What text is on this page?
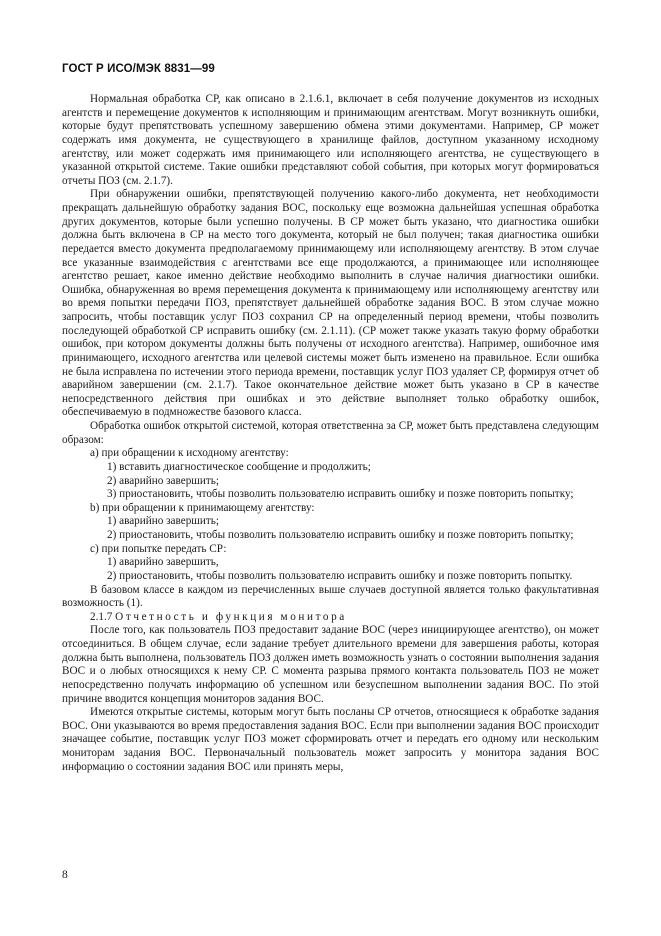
ГОСТ Р ИСО/МЭК 8831—99

Нормальная обработка СР, как описано в 2.1.6.1, включает в себя получение документов из исходных агентств и перемещение документов к исполняющим и принимающим агентствам. Могут возникнуть ошибки, которые будут препятствовать успешному завершению обмена этими документами. Например, СР может содержать имя документа, не существующего в хранилище файлов, доступном указанному исходному агентству, или может содержать имя принимающего или исполняющего агентства, не существующего в указанной открытой системе. Такие ошибки представляют собой события, при которых могут формироваться отчеты ПОЗ (см. 2.1.7).

При обнаружении ошибки, препятствующей получению какого-либо документа, нет необходимости прекращать дальнейшую обработку задания ВОС, поскольку еще возможна дальнейшая успешная обработка других документов, которые были успешно получены. В СР может быть указано, что диагностика ошибки должна быть включена в СР на место того документа, который не был получен; такая диагностика ошибки передается вместо документа предполагаемому принимающему или исполняющему агентству. В этом случае все указанные взаимодействия с агентствами все еще продолжаются, а принимающее или исполняющее агентство решает, какое именно действие необходимо выполнить в случае наличия диагностики ошибки. Ошибка, обнаруженная во время перемещения документа к принимающему или исполняющему агентству или во время попытки передачи ПОЗ, препятствует дальнейшей обработке задания ВОС. В этом случае можно запросить, чтобы поставщик услуг ПОЗ сохранил СР на определенный период времени, чтобы позволить последующей обработкой СР исправить ошибку (см. 2.1.11). (СР может также указать такую форму обработки ошибок, при котором документы должны быть получены от исходного агентства). Например, ошибочное имя принимающего, исходного агентства или целевой системы может быть изменено на правильное. Если ошибка не была исправлена по истечении этого периода времени, поставщик услуг ПОЗ удаляет СР, формируя отчет об аварийном завершении (см. 2.1.7). Такое окончательное действие может быть указано в СР в качестве непосредственного действия при ошибках и это действие выполняет только обработку ошибок, обеспечиваемую в подмножестве базового класса.

Обработка ошибок открытой системой, которая ответственна за СР, может быть представлена следующим образом:

a) при обращении к исходному агентству:
1) вставить диагностическое сообщение и продолжить;
2) аварийно завершить;
3) приостановить, чтобы позволить пользователю исправить ошибку и позже повторить попытку;
b) при обращении к принимающему агентству:
1) аварийно завершить;
2) приостановить, чтобы позволить пользователю исправить ошибку и позже повторить попытку;
c) при попытке передать СР:
1) аварийно завершить,
2) приостановить, чтобы позволить пользователю исправить ошибку и позже повторить попытку.

В базовом классе в каждом из перечисленных выше случаев доступной является только факультативная возможность (1).

2.1.7 Отчетность и функция монитора

После того, как пользователь ПОЗ предоставит задание ВОС (через инициирующее агентство), он может отсоединиться. В общем случае, если задание требует длительного времени для завершения работы, которая должна быть выполнена, пользователь ПОЗ должен иметь возможность узнать о состоянии выполнения задания ВОС и о любых относящихся к нему СР. С момента разрыва прямого контакта пользователь ПОЗ не может непосредственно получать информацию об успешном или безуспешном выполнении задания ВОС. По этой причине вводится концепция мониторов задания ВОС.

Имеются открытые системы, которым могут быть посланы СР отчетов, относящиеся к обработке задания ВОС. Они указываются во время предоставления задания ВОС. Если при выполнении задания ВОС происходит значащее событие, поставщик услуг ПОЗ может сформировать отчет и передать его одному или нескольким мониторам задания ВОС. Первоначальный пользователь может запросить у монитора задания ВОС информацию о состоянии задания ВОС или принять меры,

8
